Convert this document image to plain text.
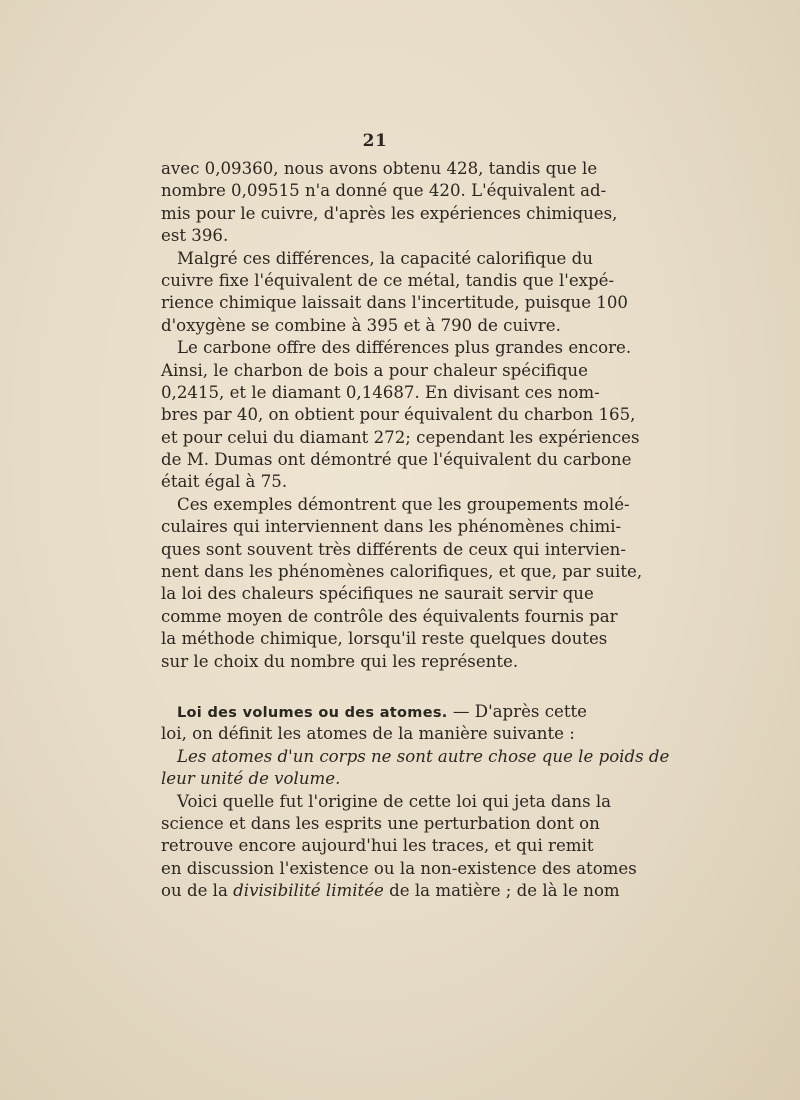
21
avec 0,09360, nous avons obtenu 428, tandis que le
nombre 0,09515 n'a donné que 420. L'équivalent ad-
mis pour le cuivre, d'après les expériences chimiques,
est 396.
Malgré ces différences, la capacité calorifique du
cuivre fixe l'équivalent de ce métal, tandis que l'expé-
rience chimique laissait dans l'incertitude, puisque 100
d'oxygène se combine à 395 et à 790 de cuivre.
Le carbone offre des différences plus grandes encore.
Ainsi, le charbon de bois a pour chaleur spécifique
0,2415, et le diamant 0,14687. En divisant ces nom-
bres par 40, on obtient pour équivalent du charbon 165,
et pour celui du diamant 272; cependant les expériences
de M. Dumas ont démontré que l'équivalent du carbone
était égal à 75.
Ces exemples démontrent que les groupements molé-
culaires qui interviennent dans les phénomènes chimi-
ques sont souvent très différents de ceux qui intervien-
nent dans les phénomènes calorifiques, et que, par suite,
la loi des chaleurs spécifiques ne saurait servir que
comme moyen de contrôle des équivalents fournis par
la méthode chimique, lorsqu'il reste quelques doutes
sur le choix du nombre qui les représente.
Loi des volumes ou des atomes. — D'après cette
loi, on définit les atomes de la manière suivante :
Les atomes d'un corps ne sont autre chose que le poids de
leur unité de volume.
Voici quelle fut l'origine de cette loi qui jeta dans la
science et dans les esprits une perturbation dont on
retrouve encore aujourd'hui les traces, et qui remit
en discussion l'existence ou la non-existence des atomes
ou de la divisibilité limitée de la matière ; de là le nom
